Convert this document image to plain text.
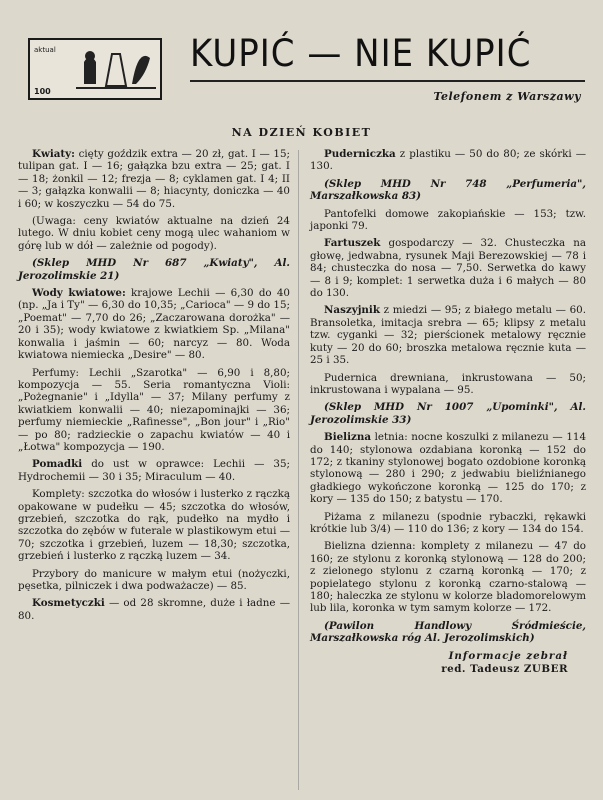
aktual
100
KUPIĆ — NIE KUPIĆ
Telefonem z Warszawy
NA DZIEŃ KOBIET

Kwiaty: cięty goździk extra — 20 zł, gat. I — 15; tulipan gat. I — 16; gałązka bzu extra — 25; gat. I — 18; żonkil — 12; frezja — 8; cyklamen gat. I 4; II — 3; gałązka konwalii — 8; hiacynty, doniczka — 40 i 60; w koszyczku — 54 do 75.

(Uwaga: ceny kwiatów aktualne na dzień 24 lutego. W dniu kobiet ceny mogą ulec wahaniom w górę lub w dół — zależnie od pogody).

(Sklep MHD Nr 687 „Kwiaty", Al. Jerozolimskie 21)

Wody kwiatowe: krajowe Lechii — 6,30 do 40 (np. „Ja i Ty" — 6,30 do 10,35; „Carioca" — 9 do 15; „Poemat" — 7,70 do 26; „Zaczarowana dorożka" — 20 i 35); wody kwiatowe z kwiatkiem Sp. „Milana" konwalia i jaśmin — 60; narcyz — 80. Woda kwiatowa niemiecka „Desire" — 80.

Perfumy: Lechii „Szarotka" — 6,90 i 8,80; kompozycja — 55. Seria romantyczna Violi: „Pożegnanie" i „Idylla" — 37; Milany perfumy z kwiatkiem konwalii — 40; niezapominajki — 36; perfumy niemieckie „Rafinesse", „Bon jour" i „Rio" — po 80; radzieckie o zapachu kwiatów — 40 i „Łotwa" kompozycja — 190.

Pomadki do ust w oprawce: Lechii — 35; Hydrochemii — 30 i 35; Miraculum — 40.

Komplety: szczotka do włosów i lusterko z rączką opakowane w pudełku — 45; szczotka do włosów, grzebień, szczotka do rąk, pudełko na mydło i szczotka do zębów w futerale w plastikowym etui — 70; szczotka i grzebień, luzem — 18,30; szczotka, grzebień i lusterko z rączką luzem — 34.

Przybory do manicure w małym etui (nożyczki, pęsetka, pilniczek i dwa podważacze) — 85.

Kosmetyczki — od 28 skromne, duże i ładne — 80.

Puderniczka z plastiku — 50 do 80; ze skórki — 130.

(Sklep MHD Nr 748 „Perfumeria", Marszałkowska 83)

Pantofelki domowe zakopiańskie — 153; tzw. japonki 79.

Fartuszek gospodarczy — 32. Chusteczka na głowę, jedwabna, rysunek Maji Berezowskiej — 78 i 84; chusteczka do nosa — 7,50. Serwetka do kawy — 8 i 9; komplet: 1 serwetka duża i 6 małych — 80 do 130.

Naszyjnik z miedzi — 95; z białego metalu — 60. Bransoletka, imitacja srebra — 65; klipsy z metalu tzw. cyganki — 32; pierścionek metalowy ręcznie kuty — 20 do 60; broszka metalowa ręcznie kuta — 25 i 35.

Pudernica drewniana, inkrustowana — 50; inkrustowana i wypalana — 95.

(Sklep MHD Nr 1007 „Upominki", Al. Jerozolimskie 33)

Bielizna letnia: nocne koszulki z milanezu — 114 do 140; stylonowa ozdabiana koronką — 152 do 172; z tkaniny stylonowej bogato ozdobione koronką stylonową — 280 i 290; z jedwabiu bieliźnianego gładkiego wykończone koronką — 125 do 170; z kory — 135 do 150; z batystu — 170.

Piżama z milanezu (spodnie rybaczki, rękawki krótkie lub 3/4) — 110 do 136; z kory — 134 do 154.

Bielizna dzienna: komplety z milanezu — 47 do 160; ze stylonu z koronką stylonową — 128 do 200; z zielonego stylonu z czarną koronką — 170; z popielatego stylonu z koronką czarno-stalową — 180; haleczka ze stylonu w kolorze bladomorelowym lub lila, koronka w tym samym kolorze — 172.

(Pawilon Handlowy Śródmieście, Marszałkowska róg Al. Jerozolimskich)

Informacje zebrał

red. Tadeusz ZUBER
